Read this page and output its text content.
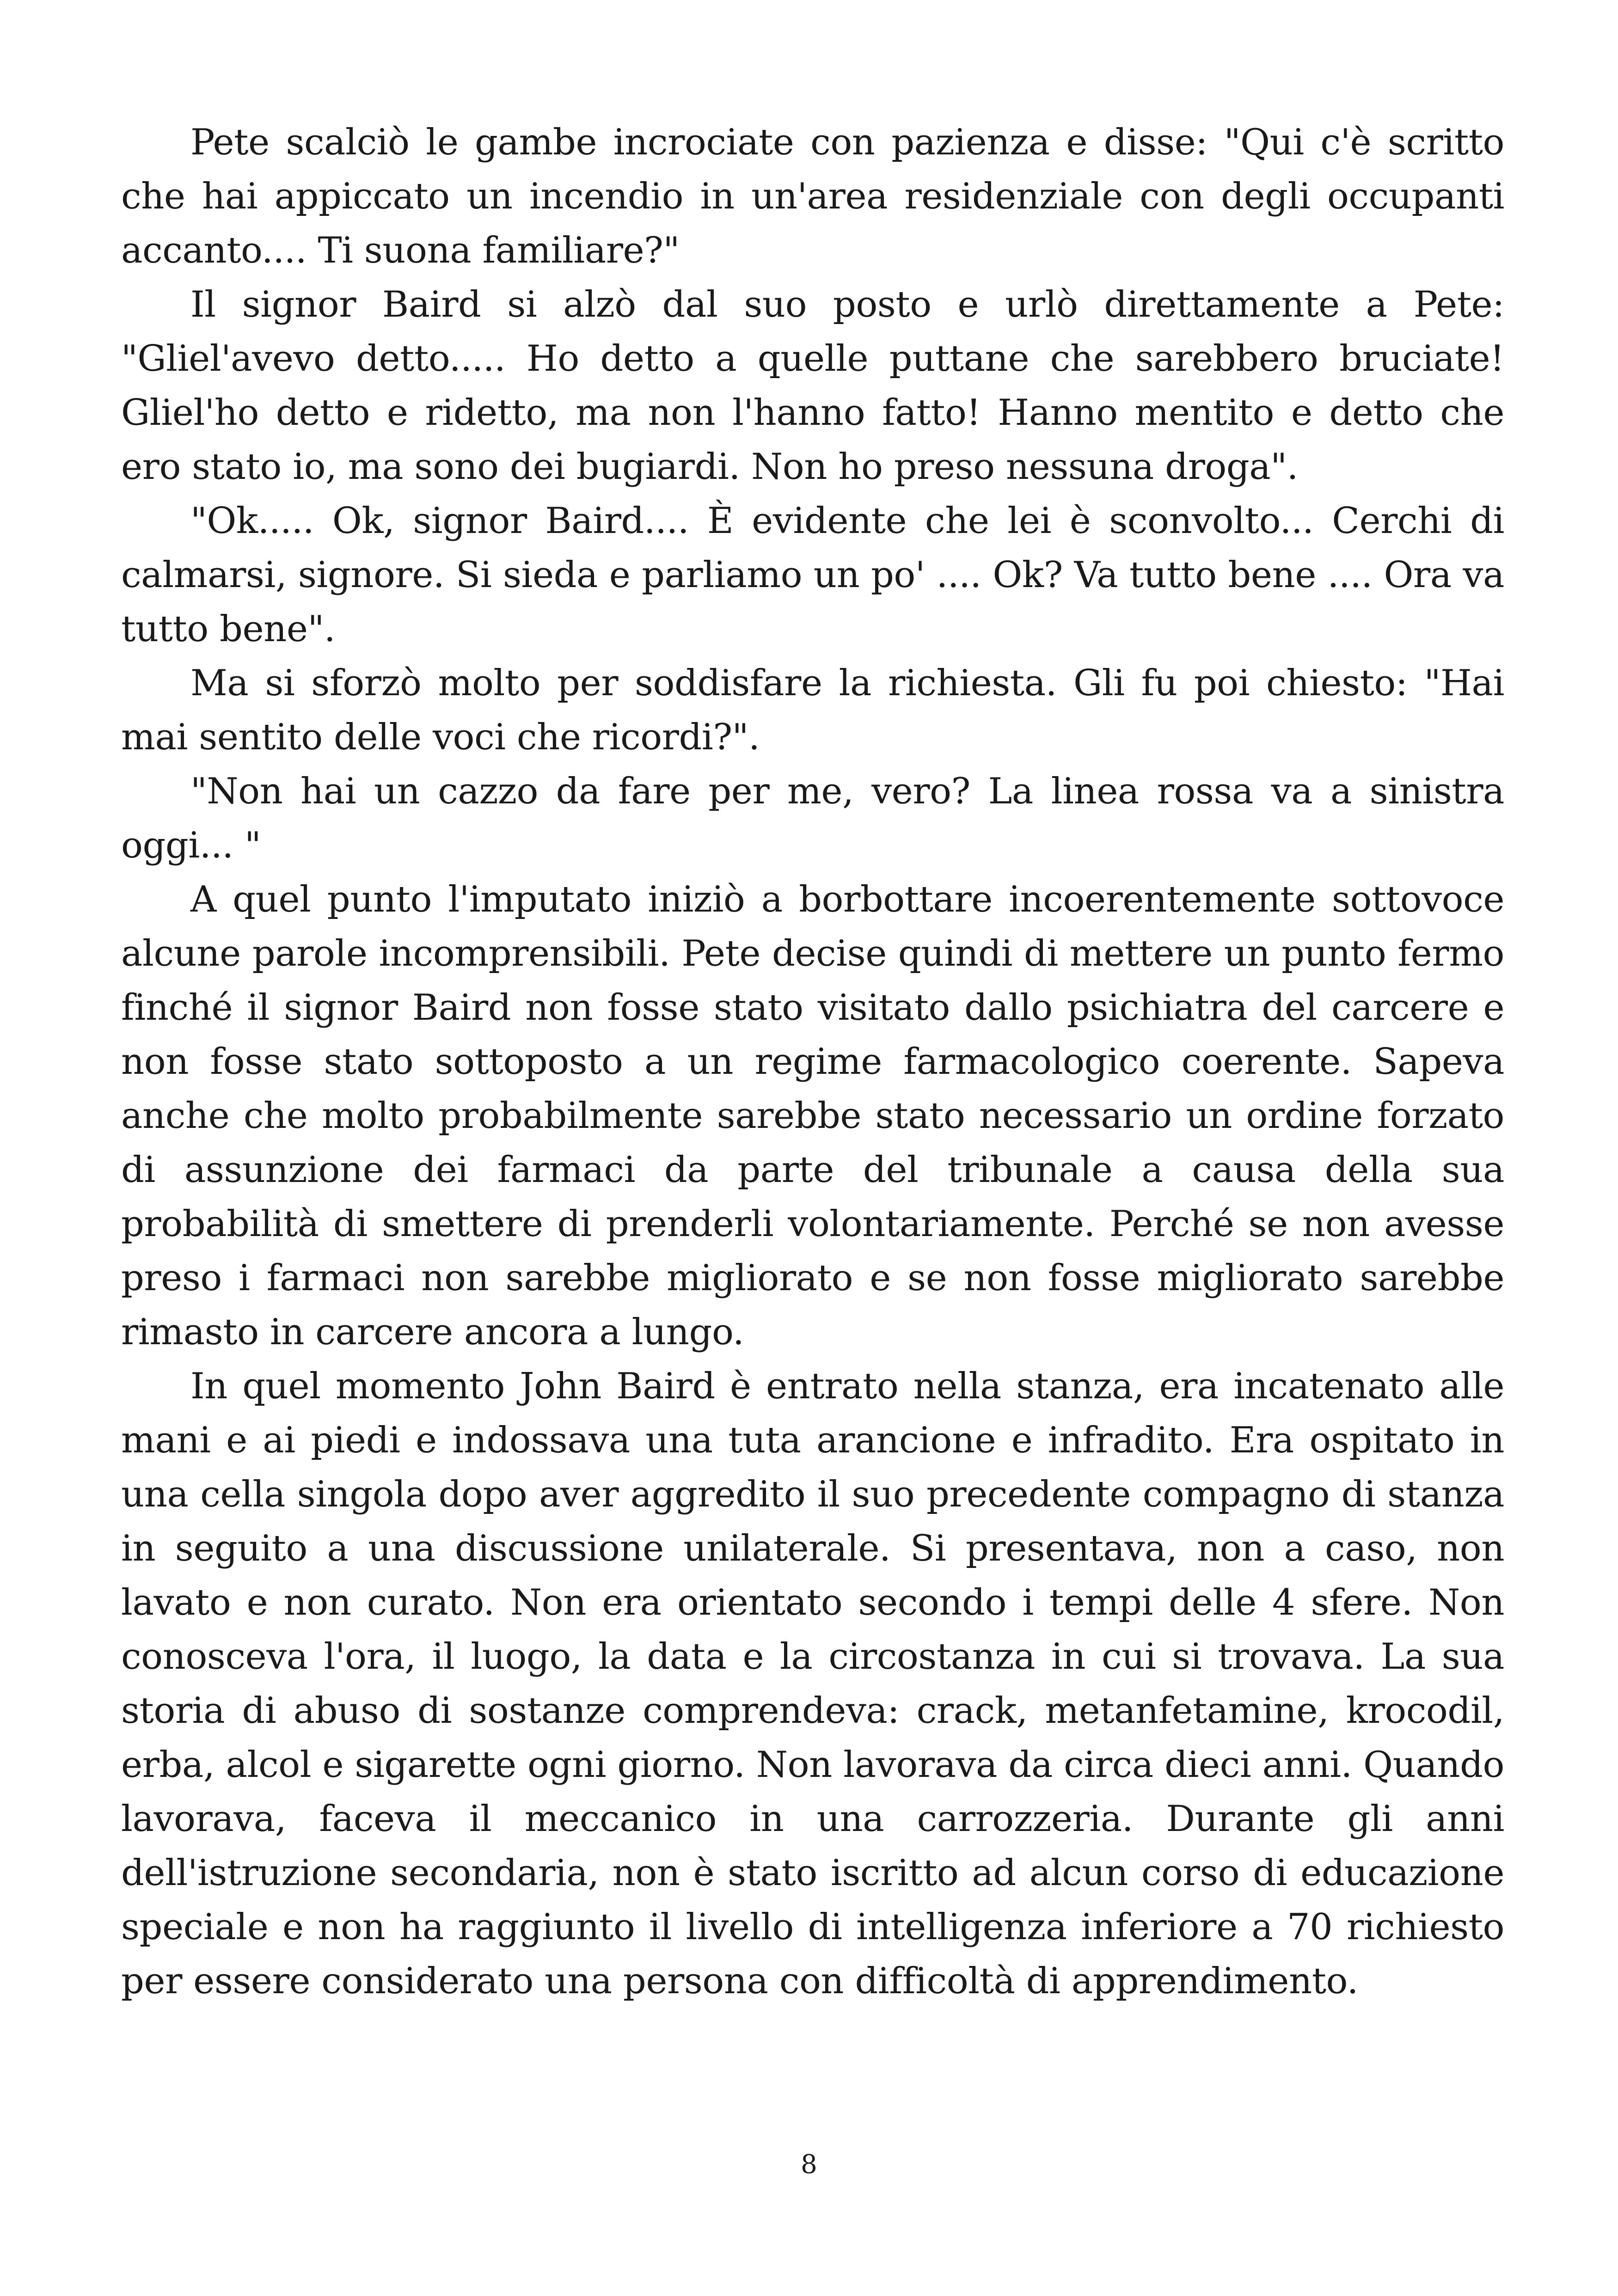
Pete scalciò le gambe incrociate con pazienza e disse: "Qui c'è scritto che hai appiccato un incendio in un'area residenziale con degli occupanti accanto.... Ti suona familiare?"

Il signor Baird si alzò dal suo posto e urlò direttamente a Pete: "Gliel'avevo detto..... Ho detto a quelle puttane che sarebbero bruciate! Gliel'ho detto e ridetto, ma non l'hanno fatto! Hanno mentito e detto che ero stato io, ma sono dei bugiardi. Non ho preso nessuna droga".

"Ok..... Ok, signor Baird.... È evidente che lei è sconvolto... Cerchi di calmarsi, signore. Si sieda e parliamo un po' .... Ok? Va tutto bene .... Ora va tutto bene".

Ma si sforzò molto per soddisfare la richiesta. Gli fu poi chiesto: "Hai mai sentito delle voci che ricordi?".

"Non hai un cazzo da fare per me, vero? La linea rossa va a sinistra oggi... "

A quel punto l'imputato iniziò a borbottare incoerentemente sottovoce alcune parole incomprensibili. Pete decise quindi di mettere un punto fermo finché il signor Baird non fosse stato visitato dallo psichiatra del carcere e non fosse stato sottoposto a un regime farmacologico coerente. Sapeva anche che molto probabilmente sarebbe stato necessario un ordine forzato di assunzione dei farmaci da parte del tribunale a causa della sua probabilità di smettere di prenderli volontariamente. Perché se non avesse preso i farmaci non sarebbe migliorato e se non fosse migliorato sarebbe rimasto in carcere ancora a lungo.

In quel momento John Baird è entrato nella stanza, era incatenato alle mani e ai piedi e indossava una tuta arancione e infradito. Era ospitato in una cella singola dopo aver aggredito il suo precedente compagno di stanza in seguito a una discussione unilaterale. Si presentava, non a caso, non lavato e non curato. Non era orientato secondo i tempi delle 4 sfere. Non conosceva l'ora, il luogo, la data e la circostanza in cui si trovava. La sua storia di abuso di sostanze comprendeva: crack, metanfetamine, krocodil, erba, alcol e sigarette ogni giorno. Non lavorava da circa dieci anni. Quando lavorava, faceva il meccanico in una carrozzeria. Durante gli anni dell'istruzione secondaria, non è stato iscritto ad alcun corso di educazione speciale e non ha raggiunto il livello di intelligenza inferiore a 70 richiesto per essere considerato una persona con difficoltà di apprendimento.

8
